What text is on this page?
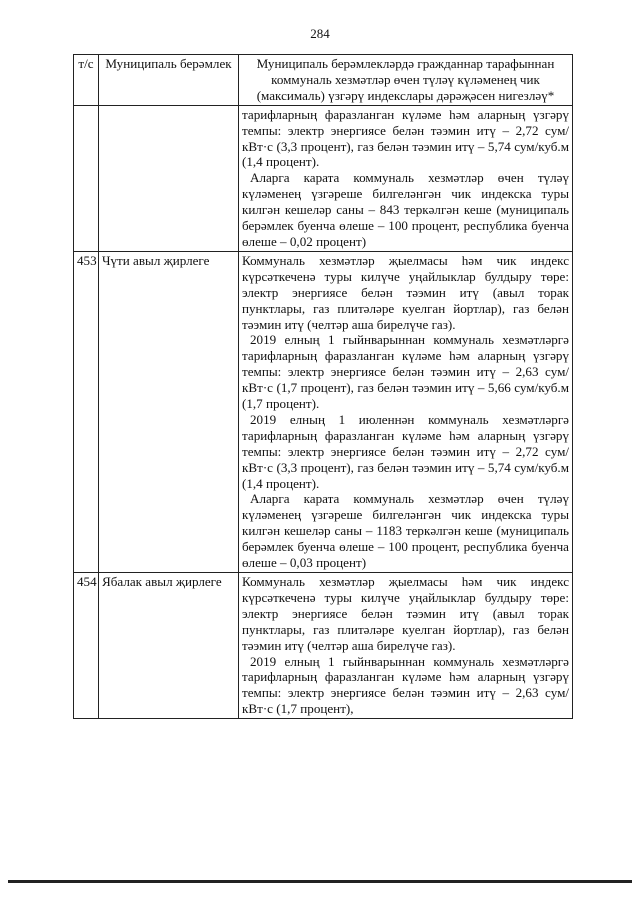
284
т/с	Муниципаль берәмлек	Муниципаль берәмлекләрдә гражданнар тарафыннан коммуналь хезмәтләр өчен түләү күләменең чик (максималь) үзгәрү индекслары дәрәҗәсен нигезләү*

		тарифларның фаразланган күләме һәм аларның үзгәрү темпы: электр энергиясе белән тәэмин итү – 2,72 сум/кВт·с (3,3 процент), газ белән тәэмин итү – 5,74 сум/куб.м (1,4 процент).
Аларга карата коммуналь хезмәтләр өчен түләү күләменең үзгәреше билгеләнгән чик индекска туры килгән кешеләр саны – 843 теркәлгән кеше (муниципаль берәмлек буенча өлеше – 100 процент, республика буенча өлеше – 0,02 процент)

453	Чүти авыл җирлеге	Коммуналь хезмәтләр җыелмасы һәм чик индекс күрсәткеченә туры килүче уңайлыклар булдыру төре: электр энергиясе белән тәэмин итү (авыл торак пунктлары, газ плитәләре куелган йортлар), газ белән тәэмин итү (челтәр аша бирелүче газ).
2019 елның 1 гыйнварыннан коммуналь хезмәтләргә тарифларның фаразланган күләме һәм аларның үзгәрү темпы: электр энергиясе белән тәэмин итү – 2,63 сум/кВт·с (1,7 процент), газ белән тәэмин итү – 5,66 сум/куб.м (1,7 процент).
2019 елның 1 июленнән коммуналь хезмәтләргә тарифларның фаразланган күләме һәм аларның үзгәрү темпы: электр энергиясе белән тәэмин итү – 2,72 сум/кВт·с (3,3 процент), газ белән тәэмин итү – 5,74 сум/куб.м (1,4 процент).
Аларга карата коммуналь хезмәтләр өчен түләү күләменең үзгәреше билгеләнгән чик индекска туры килгән кешеләр саны – 1183 теркәлгән кеше (муниципаль берәмлек буенча өлеше – 100 процент, республика буенча өлеше – 0,03 процент)

454	Ябалак авыл җирлеге	Коммуналь хезмәтләр җыелмасы һәм чик индекс күрсәткеченә туры килүче уңайлыклар булдыру төре: электр энергиясе белән тәэмин итү (авыл торак пунктлары, газ плитәләре куелган йортлар), газ белән тәэмин итү (челтәр аша бирелүче газ).
2019 елның 1 гыйнварыннан коммуналь хезмәтләргә тарифларның фаразланган күләме һәм аларның үзгәрү темпы: электр энергиясе белән тәэмин итү – 2,63 сум/кВт·с (1,7 процент),
